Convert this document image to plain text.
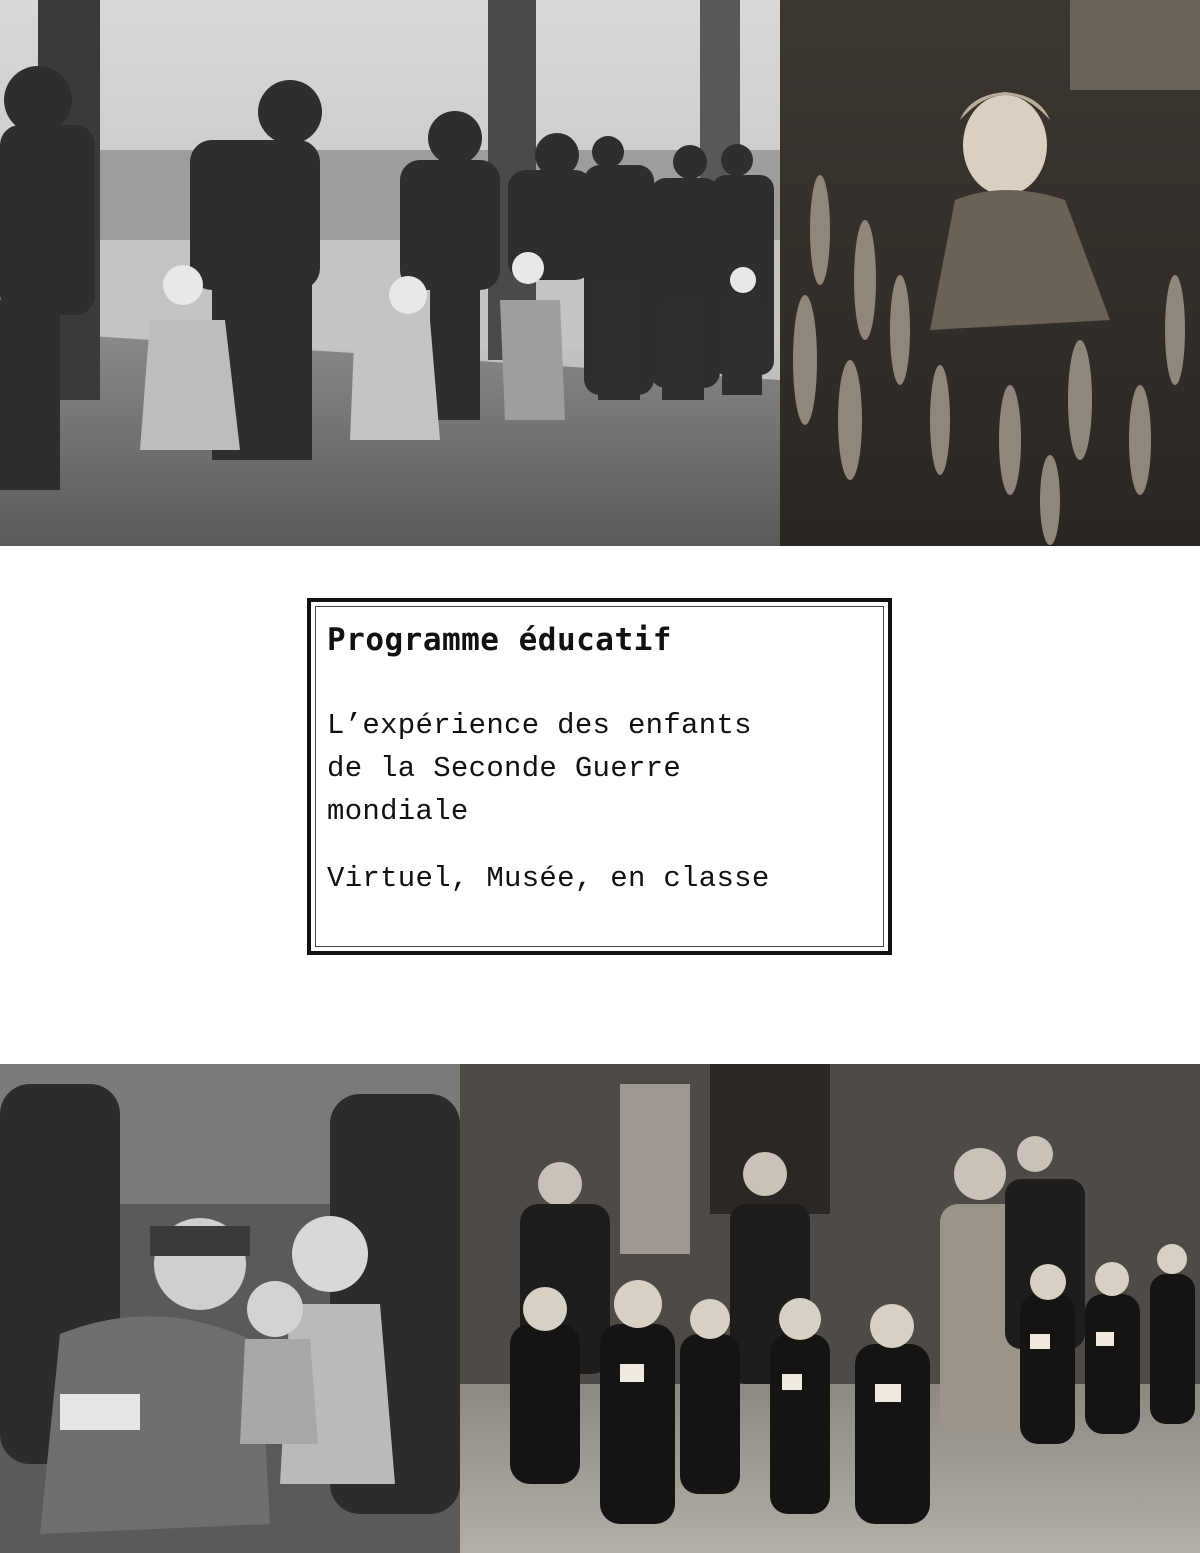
Programme éducatif
L’expérience des enfants
de la Seconde Guerre
mondiale
Virtuel, Musée, en classe
